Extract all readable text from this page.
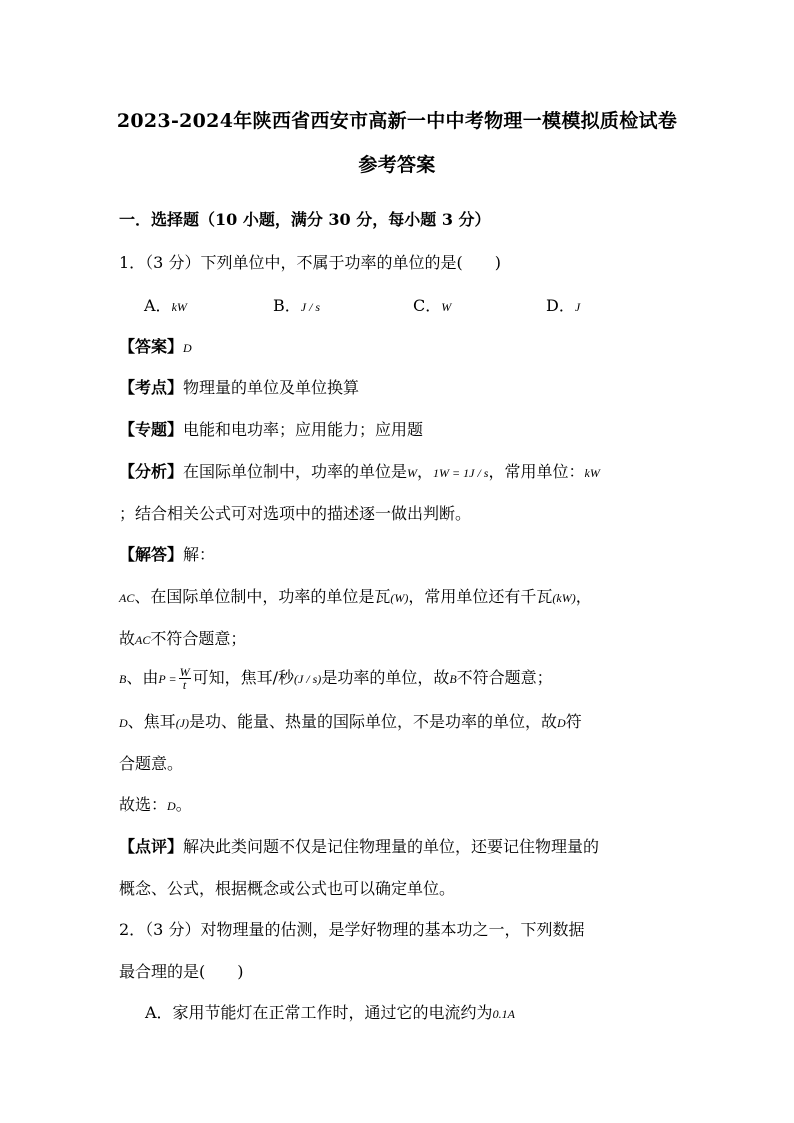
2023-2024年陕西省西安市高新一中中考物理一模模拟质检试卷
参考答案
一．选择题（10 小题，满分 30 分，每小题 3 分）
1．（3 分）下列单位中，不属于功率的单位的是(　　)
A．kW	B．J / s	C．W	D．J
【答案】D
【考点】物理量的单位及单位换算
【专题】电能和电功率；应用能力；应用题
【分析】在国际单位制中，功率的单位是W，1W = 1J / s，常用单位：kW
；结合相关公式可对选项中的描述逐一做出判断。
【解答】解：
AC、在国际单位制中，功率的单位是瓦(W)，常用单位还有千瓦(kW)，
故AC不符合题意；
B、由$P = \frac{W}{t}$ 可知，焦耳/秒(J / s)是功率的单位，故B不符合题意；
D、焦耳(J)是功、能量、热量的国际单位，不是功率的单位，故D符
合题意。
故选：D。
【点评】解决此类问题不仅是记住物理量的单位，还要记住物理量的
概念、公式，根据概念或公式也可以确定单位。
2．（3 分）对物理量的估测，是学好物理的基本功之一，下列数据
最合理的是(　　)
A．家用节能灯在正常工作时，通过它的电流约为0.1A
